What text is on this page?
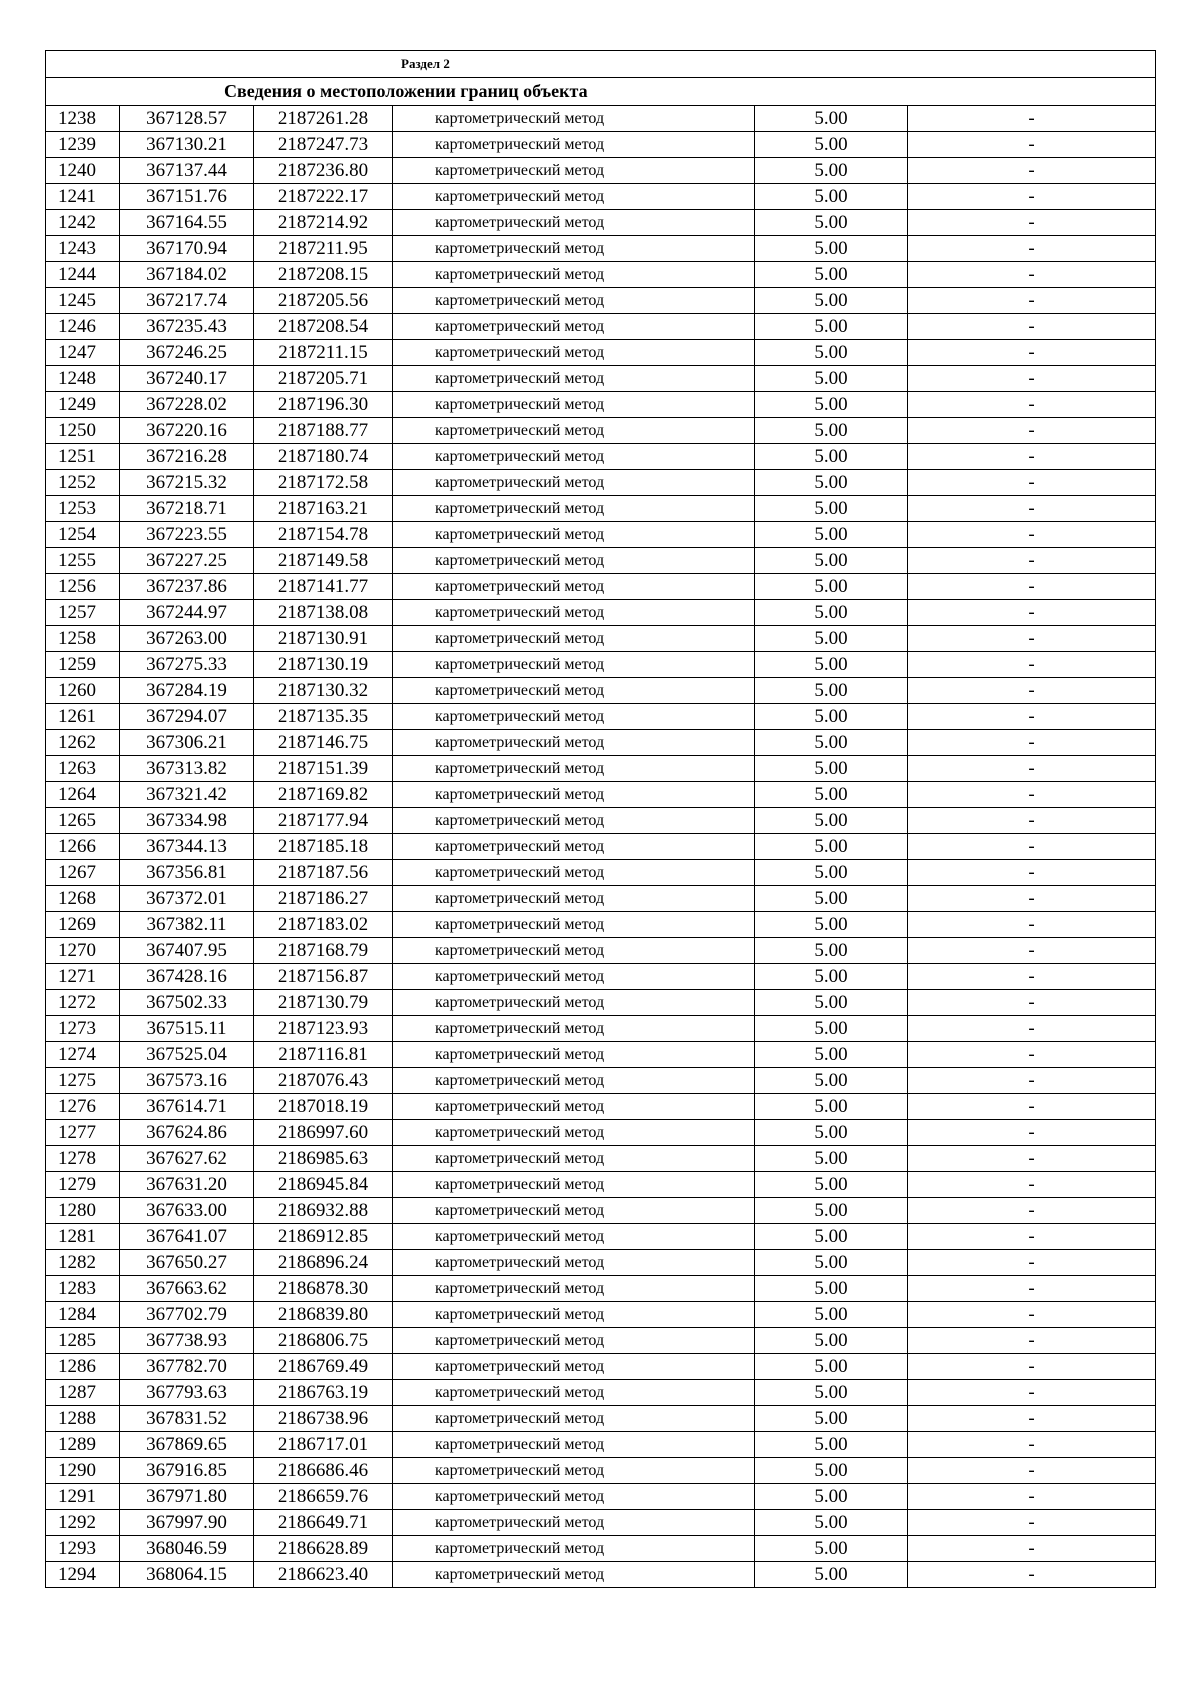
Раздел 2					
Сведения о местоположении границ объекта					
1238	367128.57	2187261.28	картометрический метод	5.00	-
1239	367130.21	2187247.73	картометрический метод	5.00	-
1240	367137.44	2187236.80	картометрический метод	5.00	-
1241	367151.76	2187222.17	картометрический метод	5.00	-
1242	367164.55	2187214.92	картометрический метод	5.00	-
1243	367170.94	2187211.95	картометрический метод	5.00	-
1244	367184.02	2187208.15	картометрический метод	5.00	-
1245	367217.74	2187205.56	картометрический метод	5.00	-
1246	367235.43	2187208.54	картометрический метод	5.00	-
1247	367246.25	2187211.15	картометрический метод	5.00	-
1248	367240.17	2187205.71	картометрический метод	5.00	-
1249	367228.02	2187196.30	картометрический метод	5.00	-
1250	367220.16	2187188.77	картометрический метод	5.00	-
1251	367216.28	2187180.74	картометрический метод	5.00	-
1252	367215.32	2187172.58	картометрический метод	5.00	-
1253	367218.71	2187163.21	картометрический метод	5.00	-
1254	367223.55	2187154.78	картометрический метод	5.00	-
1255	367227.25	2187149.58	картометрический метод	5.00	-
1256	367237.86	2187141.77	картометрический метод	5.00	-
1257	367244.97	2187138.08	картометрический метод	5.00	-
1258	367263.00	2187130.91	картометрический метод	5.00	-
1259	367275.33	2187130.19	картометрический метод	5.00	-
1260	367284.19	2187130.32	картометрический метод	5.00	-
1261	367294.07	2187135.35	картометрический метод	5.00	-
1262	367306.21	2187146.75	картометрический метод	5.00	-
1263	367313.82	2187151.39	картометрический метод	5.00	-
1264	367321.42	2187169.82	картометрический метод	5.00	-
1265	367334.98	2187177.94	картометрический метод	5.00	-
1266	367344.13	2187185.18	картометрический метод	5.00	-
1267	367356.81	2187187.56	картометрический метод	5.00	-
1268	367372.01	2187186.27	картометрический метод	5.00	-
1269	367382.11	2187183.02	картометрический метод	5.00	-
1270	367407.95	2187168.79	картометрический метод	5.00	-
1271	367428.16	2187156.87	картометрический метод	5.00	-
1272	367502.33	2187130.79	картометрический метод	5.00	-
1273	367515.11	2187123.93	картометрический метод	5.00	-
1274	367525.04	2187116.81	картометрический метод	5.00	-
1275	367573.16	2187076.43	картометрический метод	5.00	-
1276	367614.71	2187018.19	картометрический метод	5.00	-
1277	367624.86	2186997.60	картометрический метод	5.00	-
1278	367627.62	2186985.63	картометрический метод	5.00	-
1279	367631.20	2186945.84	картометрический метод	5.00	-
1280	367633.00	2186932.88	картометрический метод	5.00	-
1281	367641.07	2186912.85	картометрический метод	5.00	-
1282	367650.27	2186896.24	картометрический метод	5.00	-
1283	367663.62	2186878.30	картометрический метод	5.00	-
1284	367702.79	2186839.80	картометрический метод	5.00	-
1285	367738.93	2186806.75	картометрический метод	5.00	-
1286	367782.70	2186769.49	картометрический метод	5.00	-
1287	367793.63	2186763.19	картометрический метод	5.00	-
1288	367831.52	2186738.96	картометрический метод	5.00	-
1289	367869.65	2186717.01	картометрический метод	5.00	-
1290	367916.85	2186686.46	картометрический метод	5.00	-
1291	367971.80	2186659.76	картометрический метод	5.00	-
1292	367997.90	2186649.71	картометрический метод	5.00	-
1293	368046.59	2186628.89	картометрический метод	5.00	-
1294	368064.15	2186623.40	картометрический метод	5.00	-
